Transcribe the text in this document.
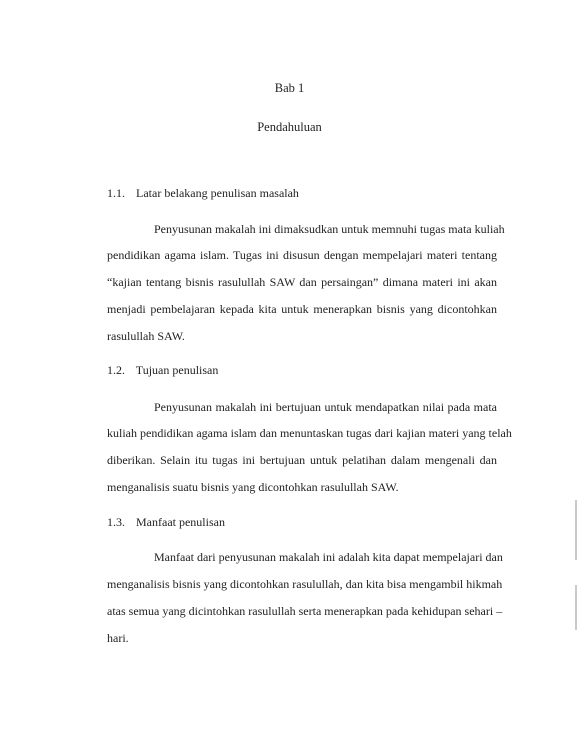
Bab 1
Pendahuluan
1.1. Latar belakang penulisan masalah
Penyusunan makalah ini dimaksudkan untuk memnuhi tugas mata kuliah
pendidikan agama islam. Tugas ini disusun dengan mempelajari materi tentang
“kajian tentang bisnis rasulullah SAW dan persaingan” dimana materi ini akan
menjadi pembelajaran kepada kita untuk menerapkan bisnis yang dicontohkan
rasulullah SAW.
1.2. Tujuan penulisan
Penyusunan makalah ini bertujuan untuk mendapatkan nilai pada mata
kuliah pendidikan agama islam dan menuntaskan tugas dari kajian materi yang telah
diberikan. Selain itu tugas ini bertujuan untuk pelatihan dalam mengenali dan
menganalisis suatu bisnis yang dicontohkan rasulullah SAW.
1.3. Manfaat penulisan
Manfaat dari penyusunan makalah ini adalah kita dapat mempelajari dan
menganalisis bisnis yang dicontohkan rasulullah, dan kita bisa mengambil hikmah
atas semua yang dicintohkan rasulullah serta menerapkan pada kehidupan sehari –
hari.
